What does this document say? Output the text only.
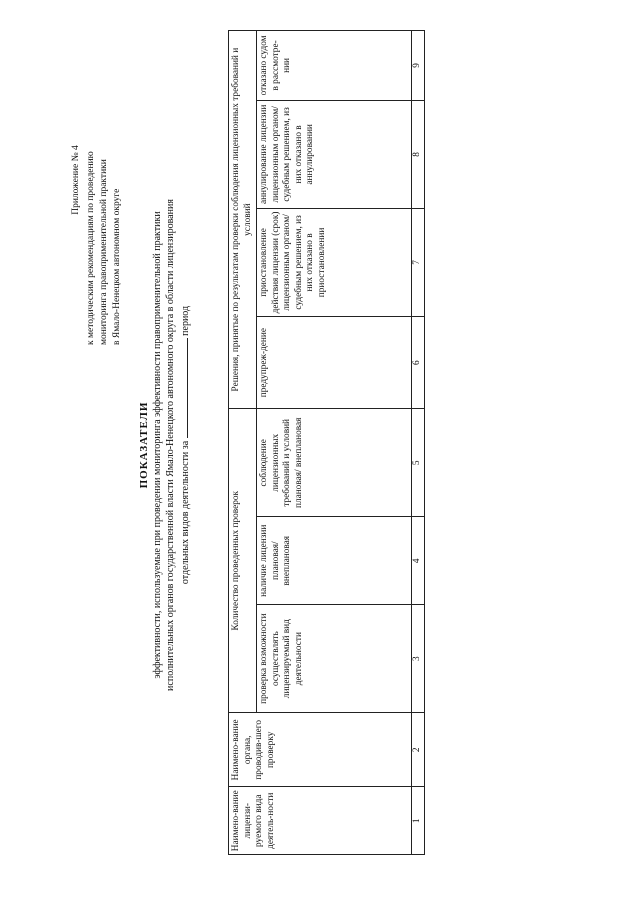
Приложение № 4 к методическим рекомендациям по проведению мониторинга правоприменительной практики в Ямало-Ненецком автономном округе
ПОКАЗАТЕЛИ эффективности, используемые при проведении мониторинга эффективности правоприменительной практики исполнительных органов государственной власти Ямало-Ненецкого автономного округа в области лицензирования отдельных видов деятельности за  период
Наимено-вание лицензи-руемого вида деятель-ности	Наимено-вание органа, проводив-шего проверку	Количество проведенных проверок			Решения, принятые по результатам проверки соблюдения лицензионных требований и условий			
		проверка возможности осуществлять лицензируемый вид деятельности	наличие лицензии плановая/ внеплановая	соблюдение лицензионных требований и условий плановая/ внеплановая	предупреж-дение	приостановление действия лицензии (срок) лицензионным органом/ судебным решением, из них отказано в приостановлении	аннулирование лицензии лицензионным органом/ судебным решением, из них отказано в аннулировании	отказано судом в рассмотре-нии
1	2	3	4	5	6	7	8	9
